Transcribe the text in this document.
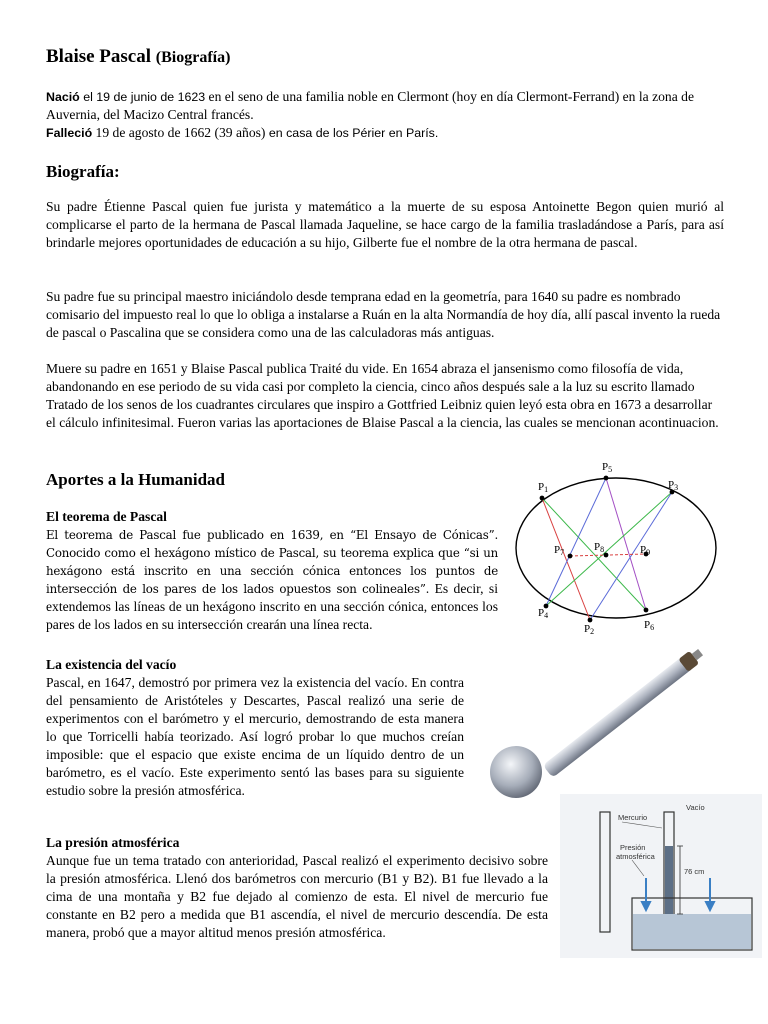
Blaise Pascal (Biografía)

Nació el 19 de junio de 1623 en el seno de una familia noble en Clermont (hoy en día Clermont-Ferrand) en la zona de Auvernia, del Macizo Central francés.

Falleció 19 de agosto de 1662 (39 años) en casa de los Périer en París.

Biografía:

Su padre Étienne Pascal quien fue jurista y matemático a la muerte de su esposa Antoinette Begon quien murió al complicarse el parto de la hermana de Pascal llamada Jaqueline, se hace cargo de la familia trasladándose a París, para así brindarle mejores oportunidades de educación a su hijo, Gilberte fue el nombre de la otra hermana de pascal.

Su padre fue su principal maestro iniciándolo desde temprana edad en la geometría, para 1640 su padre es nombrado comisario del impuesto real lo que lo obliga a instalarse a Ruán en la alta Normandía de hoy día, allí pascal invento la rueda de pascal o Pascalina que se considera como una de las calculadoras más antiguas.

Muere su padre en 1651 y Blaise Pascal publica Traité du vide. En 1654 abraza el jansenismo como filosofía de vida, abandonando en ese periodo de su vida casi por completo la ciencia, cinco años después sale a la luz su escrito llamado Tratado de los senos de los cuadrantes circulares que inspiro a Gottfried Leibniz quien leyó esta obra en 1673 a desarrollar el cálculo infinitesimal. Fueron varias las aportaciones de Blaise Pascal a la ciencia, las cuales se mencionan acontinuacion.

Aportes a la Humanidad

El teorema de Pascal
El teorema de Pascal fue publicado en 1639, en “El Ensayo de Cónicas”. Conocido como el hexágono místico de Pascal, su teorema explica que “si un hexágono está inscrito en una sección cónica entonces los puntos de intersección de los pares de los lados opuestos son colineales”. Es decir, si extendemos las líneas de un hexágono inscrito en una sección cónica, entonces los pares de los lados en su intersección crearán una línea recta.

La existencia del vacío
Pascal, en 1647, demostró por primera vez la existencia del vacío. En contra del pensamiento de Aristóteles y Descartes, Pascal realizó una serie de experimentos con el barómetro y el mercurio, demostrando de esta manera lo que Torricelli había teorizado. Así logró probar lo que muchos creían imposible: que el espacio que existe encima de un líquido dentro de un barómetro, es el vacío. Este experimento sentó las bases para su siguiente estudio sobre la presión atmosférica.

La presión atmosférica
Aunque fue un tema tratado con anterioridad, Pascal realizó el experimento decisivo sobre la presión atmosférica. Llenó dos barómetros con mercurio (B1 y B2). B1 fue llevado a la cima de una montaña y B2 fue dejado al comienzo de esta. El nivel de mercurio fue constante en B2 pero a medida que B1 ascendía, el nivel de mercurio descendía. De esta manera, probó que a mayor altitud menos presión atmosférica.

P1
P5
P3
P7	P8	P9
P4
P2
P6
Vacío
Mercurio
Presión
atmosférica
76 cm
